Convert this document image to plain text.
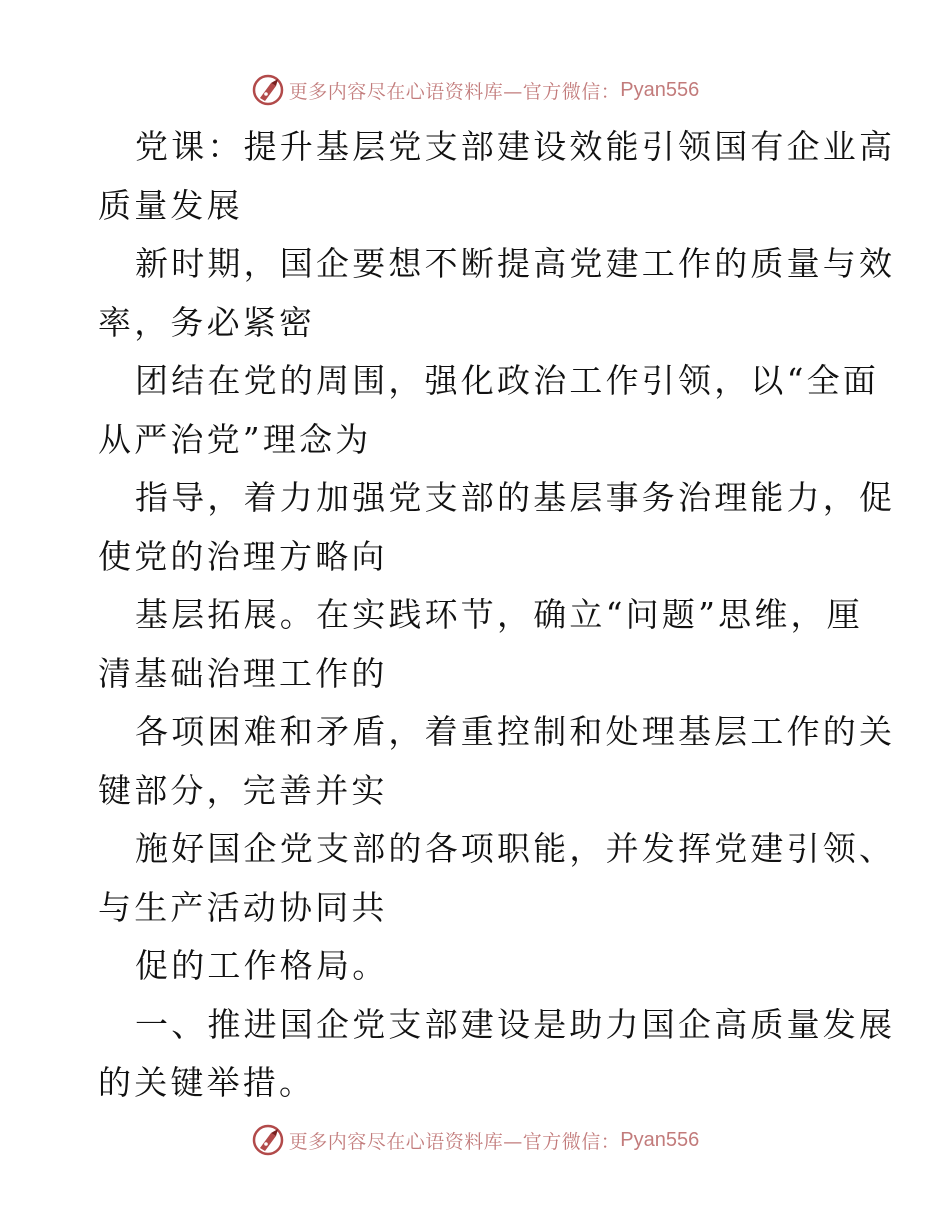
更多内容尽在心语资料库—官方微信： Pyan556
党课：提升基层党支部建设效能引领国有企业高
质量发展
新时期，国企要想不断提高党建工作的质量与效
率，务必紧密
团结在党的周围，强化政治工作引领，以“全面
从严治党”理念为
指导，着力加强党支部的基层事务治理能力，促
使党的治理方略向
基层拓展。在实践环节，确立“问题”思维，厘
清基础治理工作的
各项困难和矛盾，着重控制和处理基层工作的关
键部分，完善并实
施好国企党支部的各项职能，并发挥党建引领、
与生产活动协同共
促的工作格局。
一、推进国企党支部建设是助力国企高质量发展
的关键举措。
更多内容尽在心语资料库—官方微信： Pyan556
